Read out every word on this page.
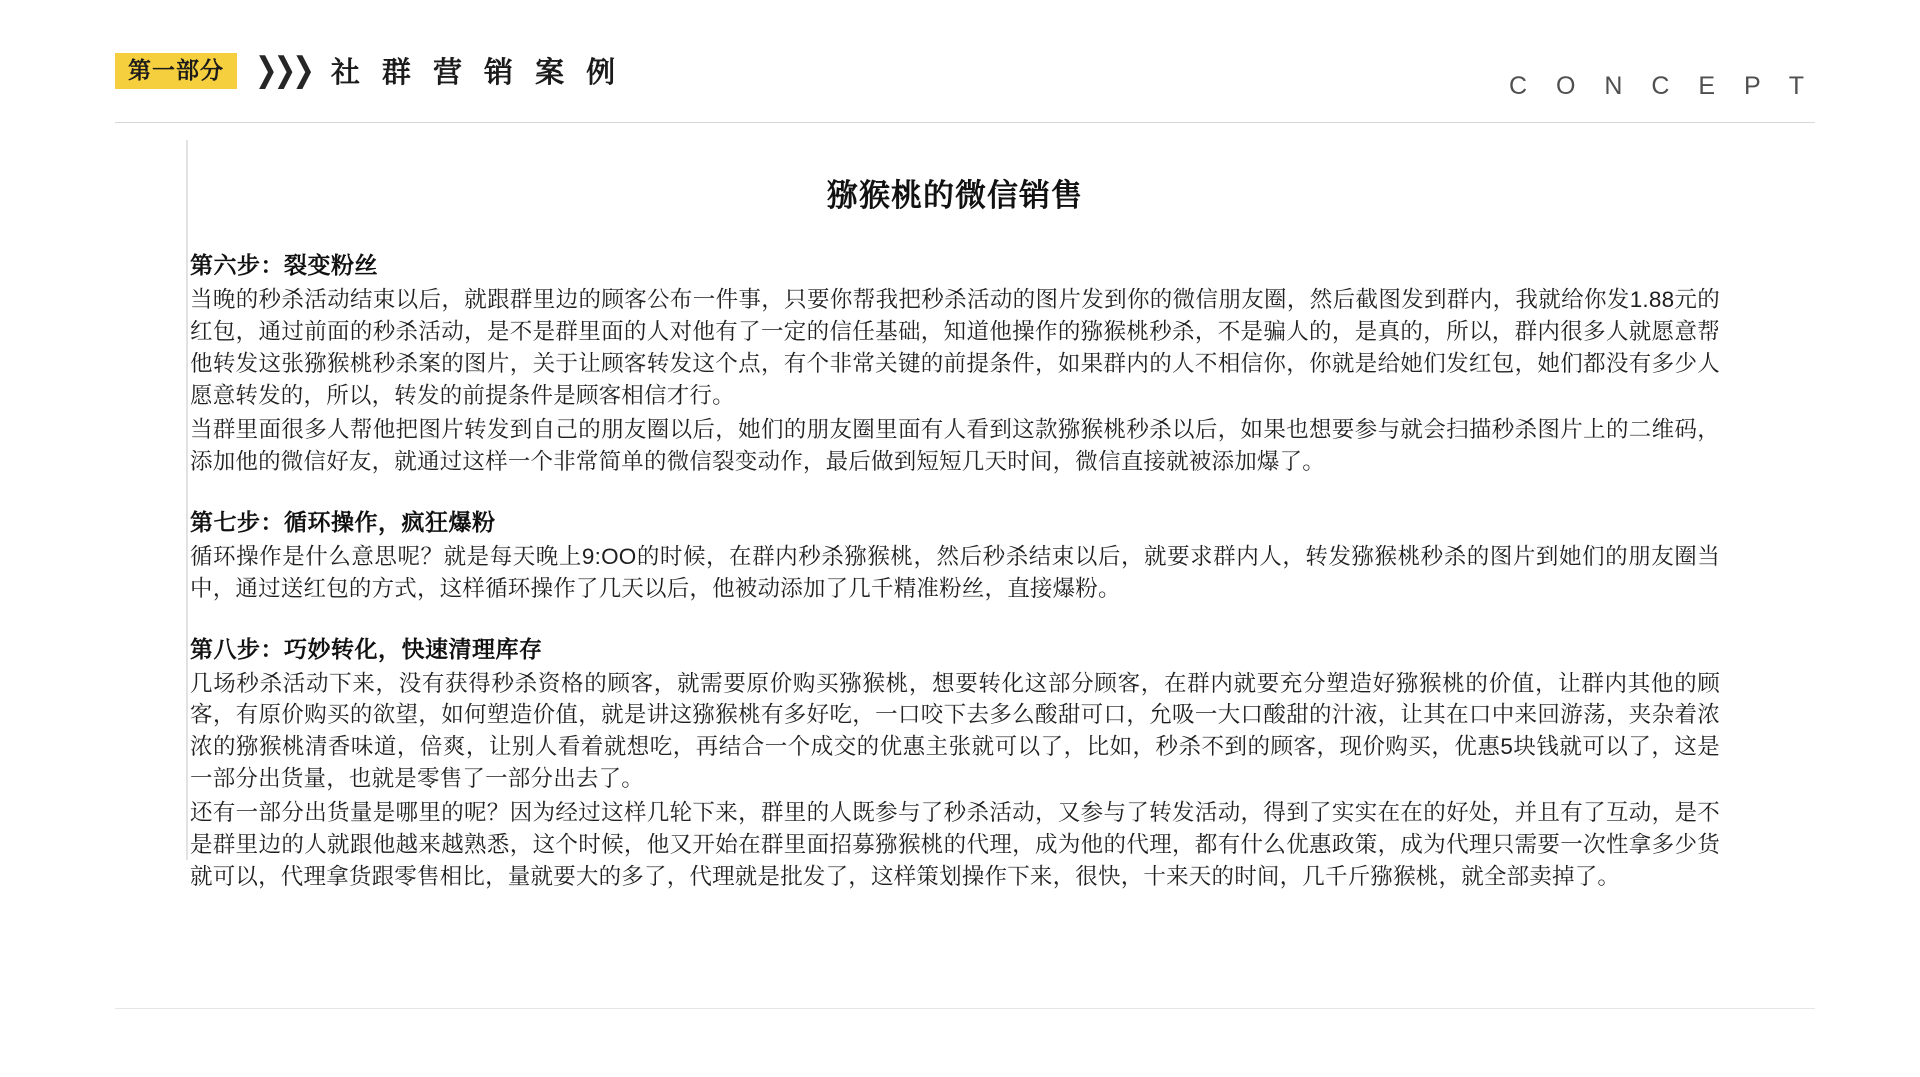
第一部分	❯ ❯ ❯ 社 群 营 销 案 例	C O N C E P T
猕猴桃的微信销售
第六步：裂变粉丝

当晚的秒杀活动结束以后，就跟群里边的顾客公布一件事，只要你帮我把秒杀活动的图片发到你的微信朋友圈，然后截图发到群内，我就给你发1.88元的红包，通过前面的秒杀活动，是不是群里面的人对他有了一定的信任基础，知道他操作的猕猴桃秒杀，不是骗人的，是真的，所以，群内很多人就愿意帮他转发这张猕猴桃秒杀案的图片，关于让顾客转发这个点，有个非常关键的前提条件，如果群内的人不相信你，你就是给她们发红包，她们都没有多少人愿意转发的，所以，转发的前提条件是顾客相信才行。

当群里面很多人帮他把图片转发到自己的朋友圈以后，她们的朋友圈里面有人看到这款猕猴桃秒杀以后，如果也想要参与就会扫描秒杀图片上的二维码，添加他的微信好友，就通过这样一个非常简单的微信裂变动作，最后做到短短几天时间，微信直接就被添加爆了。

第七步：循环操作，疯狂爆粉

循环操作是什么意思呢？就是每天晚上9:OO的时候，在群内秒杀猕猴桃，然后秒杀结束以后，就要求群内人，转发猕猴桃秒杀的图片到她们的朋友圈当中，通过送红包的方式，这样循环操作了几天以后，他被动添加了几千精准粉丝，直接爆粉。

第八步：巧妙转化，快速清理库存

几场秒杀活动下来，没有获得秒杀资格的顾客，就需要原价购买猕猴桃，想要转化这部分顾客，在群内就要充分塑造好猕猴桃的价值，让群内其他的顾客，有原价购买的欲望，如何塑造价值，就是讲这猕猴桃有多好吃，一口咬下去多么酸甜可口，允吸一大口酸甜的汁液，让其在口中来回游荡，夹杂着浓浓的猕猴桃清香味道，倍爽，让别人看着就想吃，再结合一个成交的优惠主张就可以了，比如，秒杀不到的顾客，现价购买，优惠5块钱就可以了，这是一部分出货量，也就是零售了一部分出去了。

还有一部分出货量是哪里的呢？因为经过这样几轮下来，群里的人既参与了秒杀活动，又参与了转发活动，得到了实实在在的好处，并且有了互动，是不是群里边的人就跟他越来越熟悉，这个时候，他又开始在群里面招募猕猴桃的代理，成为他的代理，都有什么优惠政策，成为代理只需要一次性拿多少货就可以，代理拿货跟零售相比，量就要大的多了，代理就是批发了，这样策划操作下来，很快，十来天的时间，几千斤猕猴桃，就全部卖掉了。
